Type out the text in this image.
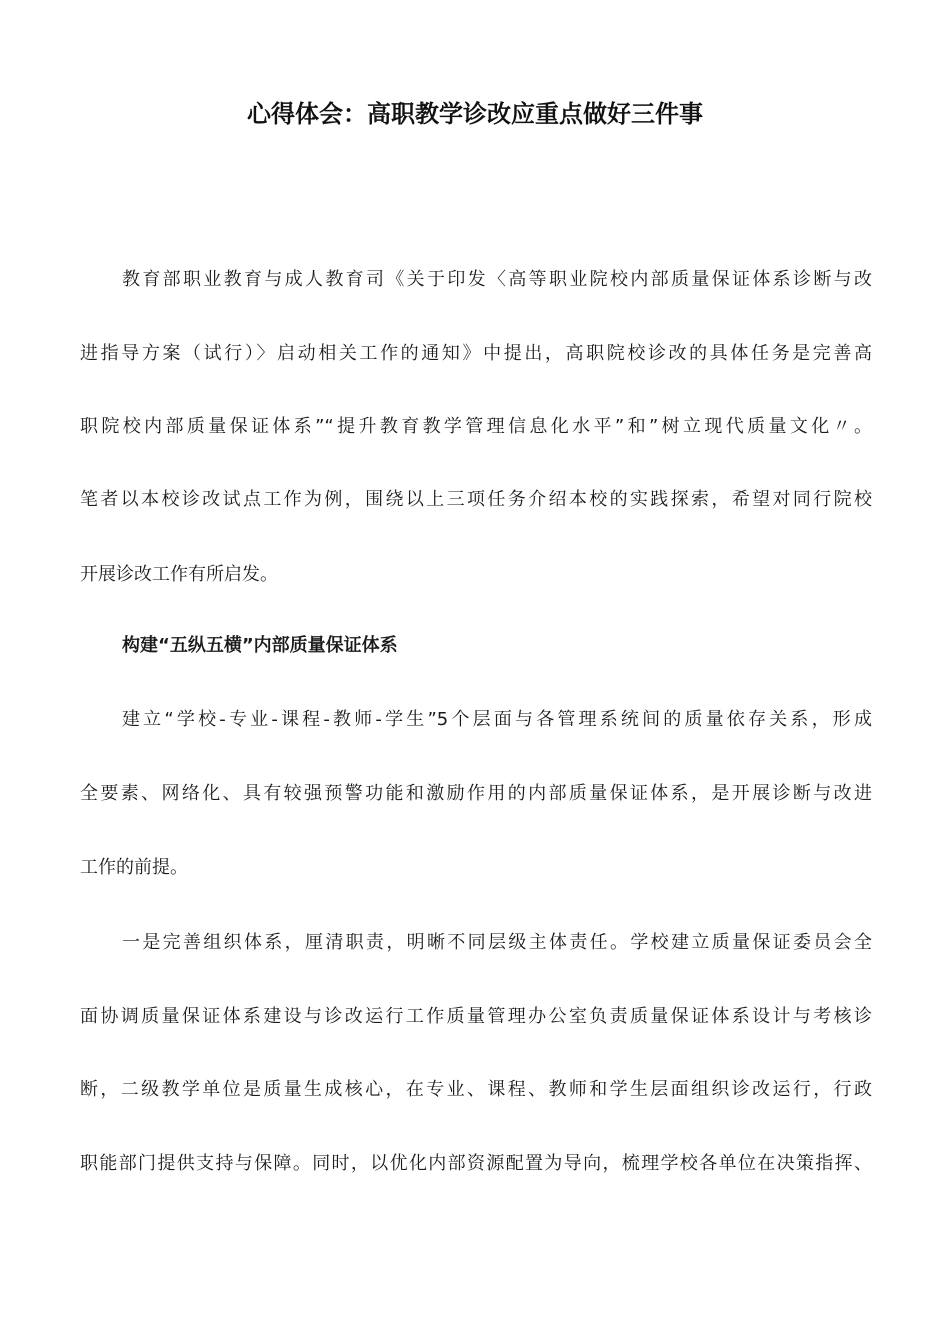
心得体会：高职教学诊改应重点做好三件事
教育部职业教育与成人教育司《关于印发〈高等职业院校内部质量保证体系诊断与改
进指导方案（试行）〉启动相关工作的通知》中提出，高职院校诊改的具体任务是完善高
职院校内部质量保证体系”“提升教育教学管理信息化水平”和”树立现代质量文化〃。
笔者以本校诊改试点工作为例，围绕以上三项任务介绍本校的实践探索，希望对同行院校
开展诊改工作有所启发。
构建“五纵五横”内部质量保证体系
建立“学校-专业-课程-教师-学生”5个层面与各管理系统间的质量依存关系，形成
全要素、网络化、具有较强预警功能和激励作用的内部质量保证体系，是开展诊断与改进
工作的前提。
一是完善组织体系，厘清职责，明晰不同层级主体责任。学校建立质量保证委员会全
面协调质量保证体系建设与诊改运行工作质量管理办公室负责质量保证体系设计与考核诊
断，二级教学单位是质量生成核心，在专业、课程、教师和学生层面组织诊改运行，行政
职能部门提供支持与保障。同时，以优化内部资源配置为导向，梳理学校各单位在决策指挥、
